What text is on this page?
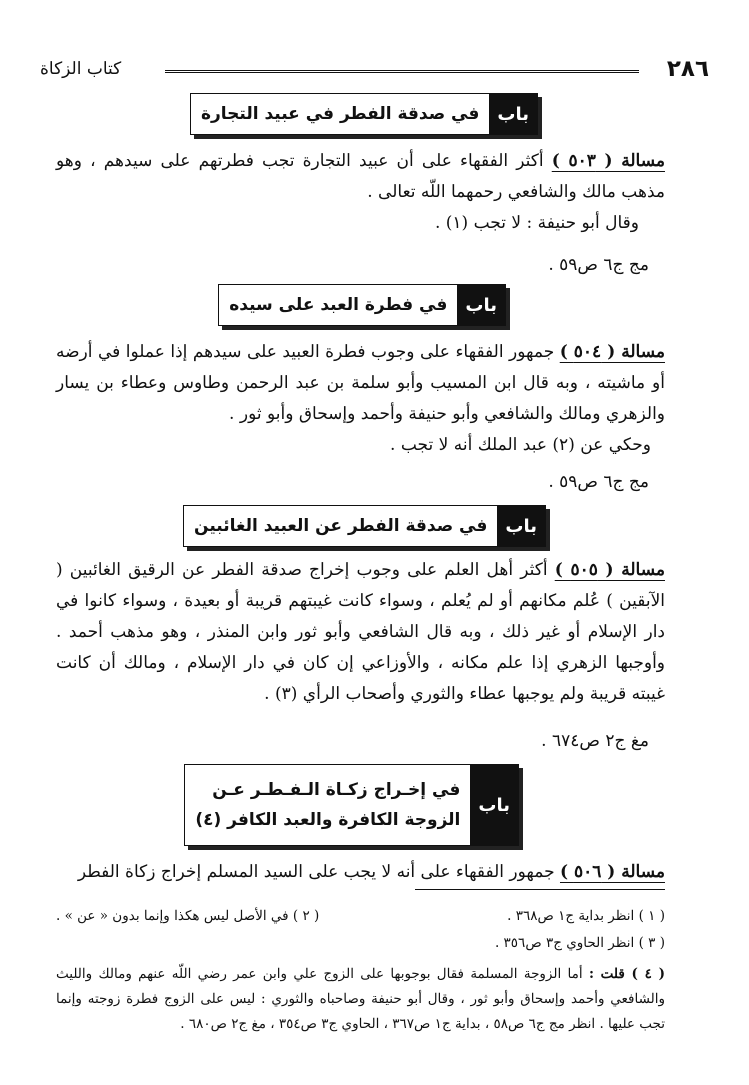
٢٨٦
كتاب الزكاة
باب
في صدقة الفطر في عبيد التجارة
مسالة ( ٥٠٣ ) أكثر الفقهاء على أن عبيد التجارة تجب فطرتهم على سيدهم ، وهو مذهب مالك والشافعي رحمهما اللّه تعالى .
وقال أبو حنيفة : لا تجب (١) .
مج ج٦ ص٥٩ .
باب
في فطرة العبد على سيده
مسالة ( ٥٠٤ ) جمهور الفقهاء على وجوب فطرة العبيد على سيدهم إذا عملوا في أرضه أو ماشيته ، وبه قال ابن المسيب وأبو سلمة بن عبد الرحمن وطاوس وعطاء بن يسار والزهري ومالك والشافعي وأبو حنيفة وأحمد وإسحاق وأبو ثور .
وحكي عن (٢) عبد الملك أنه لا تجب .
مج ج٦ ص٥٩ .
باب
في صدقة الفطر عن العبيد الغائبين
مسالة ( ٥٠٥ ) أكثر أهل العلم على وجوب إخراج صدقة الفطر عن الرقيق الغائبين ( الآبقين ) عُلم مكانهم أو لم يُعلم ، وسواء كانت غيبتهم قريبة أو بعيدة ، وسواء كانوا في دار الإسلام أو غير ذلك ، وبه قال الشافعي وأبو ثور وابن المنذر ، وهو مذهب أحمد . وأوجبها الزهري إذا علم مكانه ، والأوزاعي إن كان في دار الإسلام ، ومالك أن كانت غيبته قريبة ولم يوجبها عطاء والثوري وأصحاب الرأي (٣) .
مغ ج٢ ص٦٧٤ .
باب
في إخـراج زكـاة الـفـطـر عـن
الزوجة الكافرة والعبد الكافر (٤)
مسالة ( ٥٠٦ ) جمهور الفقهاء على أنه لا يجب على السيد المسلم إخراج زكاة الفطر
( ١ ) انظر بداية ج١ ص٣٦٨ .
( ٢ ) في الأصل ليس هكذا وإنما بدون « عن » .
( ٣ ) انظر الحاوي ج٣ ص٣٥٦ .
( ٤ ) قلت : أما الزوجة المسلمة فقال بوجوبها على الزوج علي وابن عمر رضي اللّه عنهم ومالك والليث والشافعي وأحمد وإسحاق وأبو ثور ، وقال أبو حنيفة وصاحباه والثوري : ليس على الزوج فطرة زوجته وإنما تجب عليها . انظر مج ج٦ ص٥٨ ، بداية ج١ ص٣٦٧ ، الحاوي ج٣ ص٣٥٤ ، مغ ج٢ ص٦٨٠ .
